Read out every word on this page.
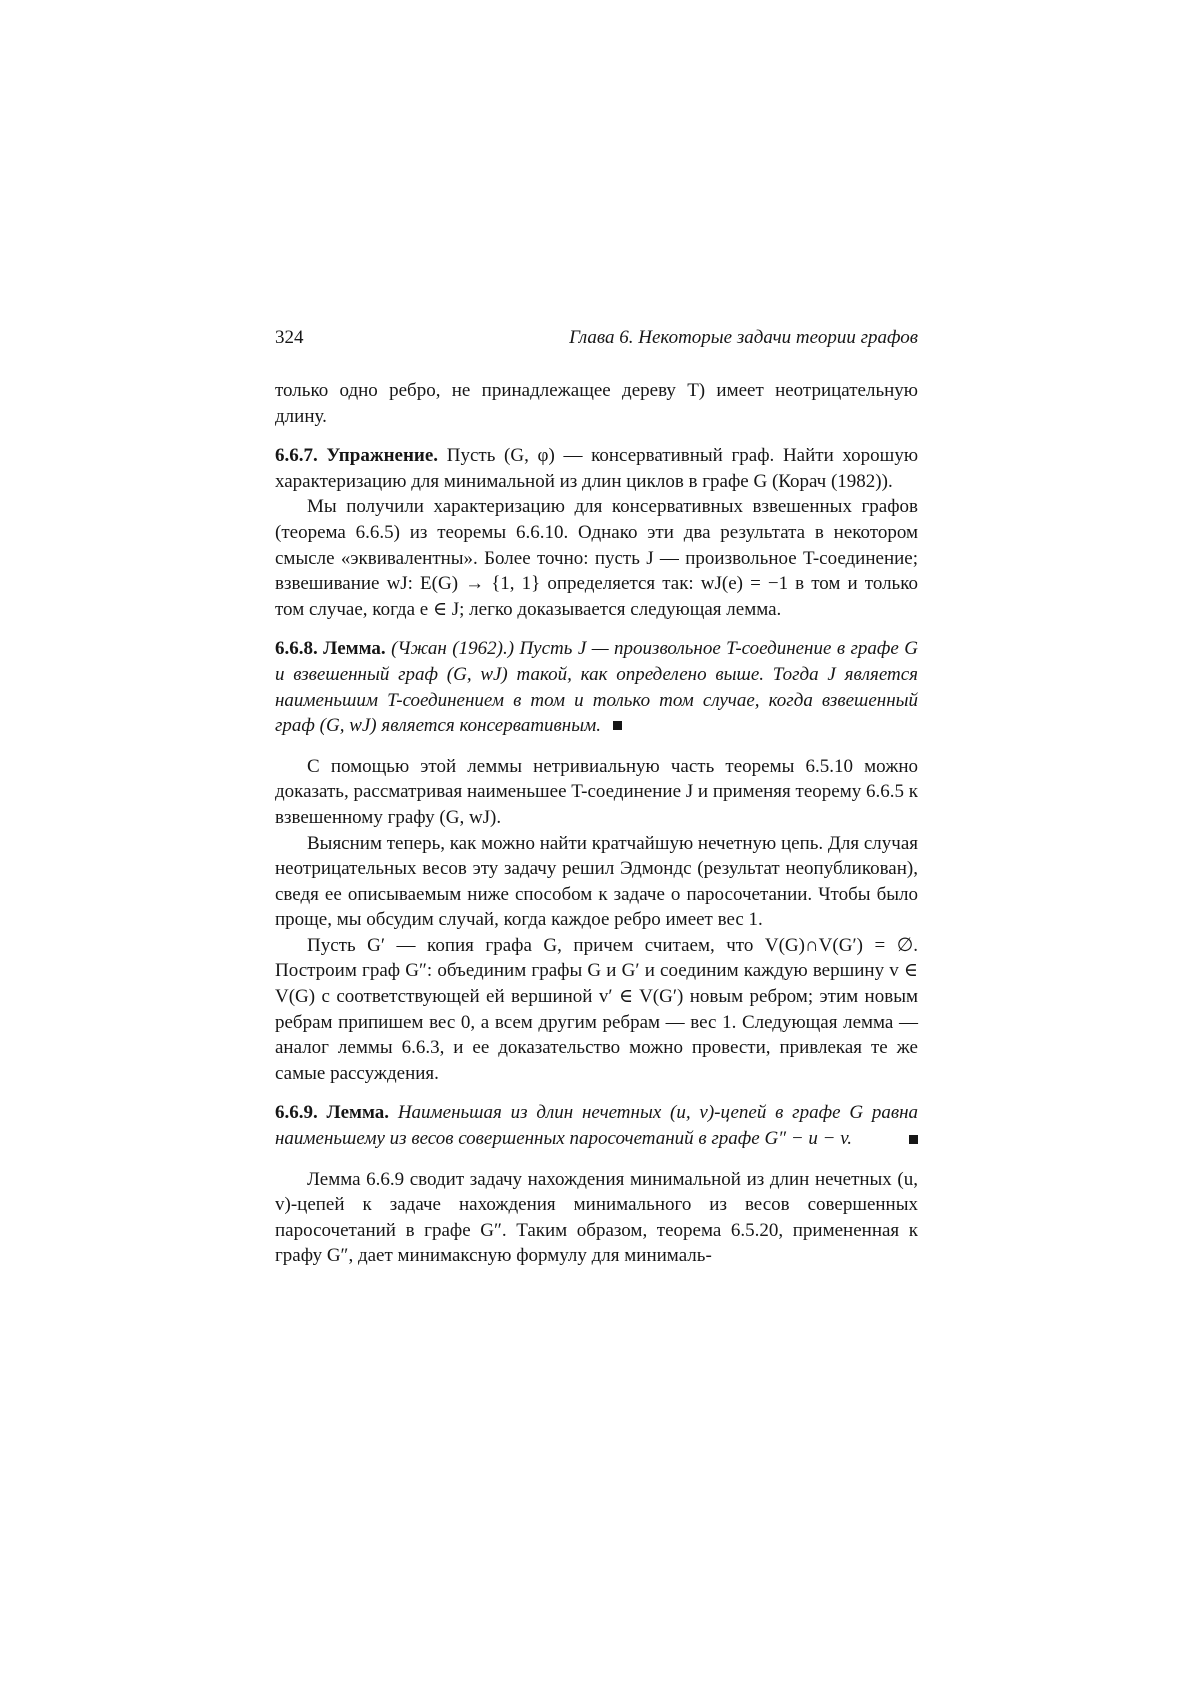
324	Глава 6. Некоторые задачи теории графов

только одно ребро, не принадлежащее дереву T) имеет неотрицательную длину.

6.6.7. Упражнение. Пусть (G, φ) — консервативный граф. Найти хорошую характеризацию для минимальной из длин циклов в графе G (Корач (1982)).

Мы получили характеризацию для консервативных взвешенных графов (теорема 6.6.5) из теоремы 6.6.10. Однако эти два результата в некотором смысле «эквивалентны». Более точно: пусть J — произвольное T-соединение; взвешивание wJ: E(G) → {1, 1} определяется так: wJ(e) = −1 в том и только том случае, когда e ∈ J; легко доказывается следующая лемма.

6.6.8. Лемма. (Чжан (1962).) Пусть J — произвольное T-соединение в графе G и взвешенный граф (G, wJ) такой, как определено выше. Тогда J является наименьшим T-соединением в том и только том случае, когда взвешенный граф (G, wJ) является консервативным.

С помощью этой леммы нетривиальную часть теоремы 6.5.10 можно доказать, рассматривая наименьшее T-соединение J и применяя теорему 6.6.5 к взвешенному графу (G, wJ).

Выясним теперь, как можно найти кратчайшую нечетную цепь. Для случая неотрицательных весов эту задачу решил Эдмондс (результат неопубликован), сведя ее описываемым ниже способом к задаче о паросочетании. Чтобы было проще, мы обсудим случай, когда каждое ребро имеет вес 1.

Пусть G′ — копия графа G, причем считаем, что V(G)∩V(G′) = ∅. Построим граф G″: объединим графы G и G′ и соединим каждую вершину v ∈ V(G) с соответствующей ей вершиной v′ ∈ V(G′) новым ребром; этим новым ребрам припишем вес 0, а всем другим ребрам — вес 1. Следующая лемма — аналог леммы 6.6.3, и ее доказательство можно провести, привлекая те же самые рассуждения.

6.6.9. Лемма. Наименьшая из длин нечетных (u, v)-цепей в графе G равна наименьшему из весов совершенных паросочетаний в графе G″ − u − v.

Лемма 6.6.9 сводит задачу нахождения минимальной из длин нечетных (u, v)-цепей к задаче нахождения минимального из весов совершенных паросочетаний в графе G″. Таким образом, теорема 6.5.20, примененная к графу G″, дает минимаксную формулу для минималь-
